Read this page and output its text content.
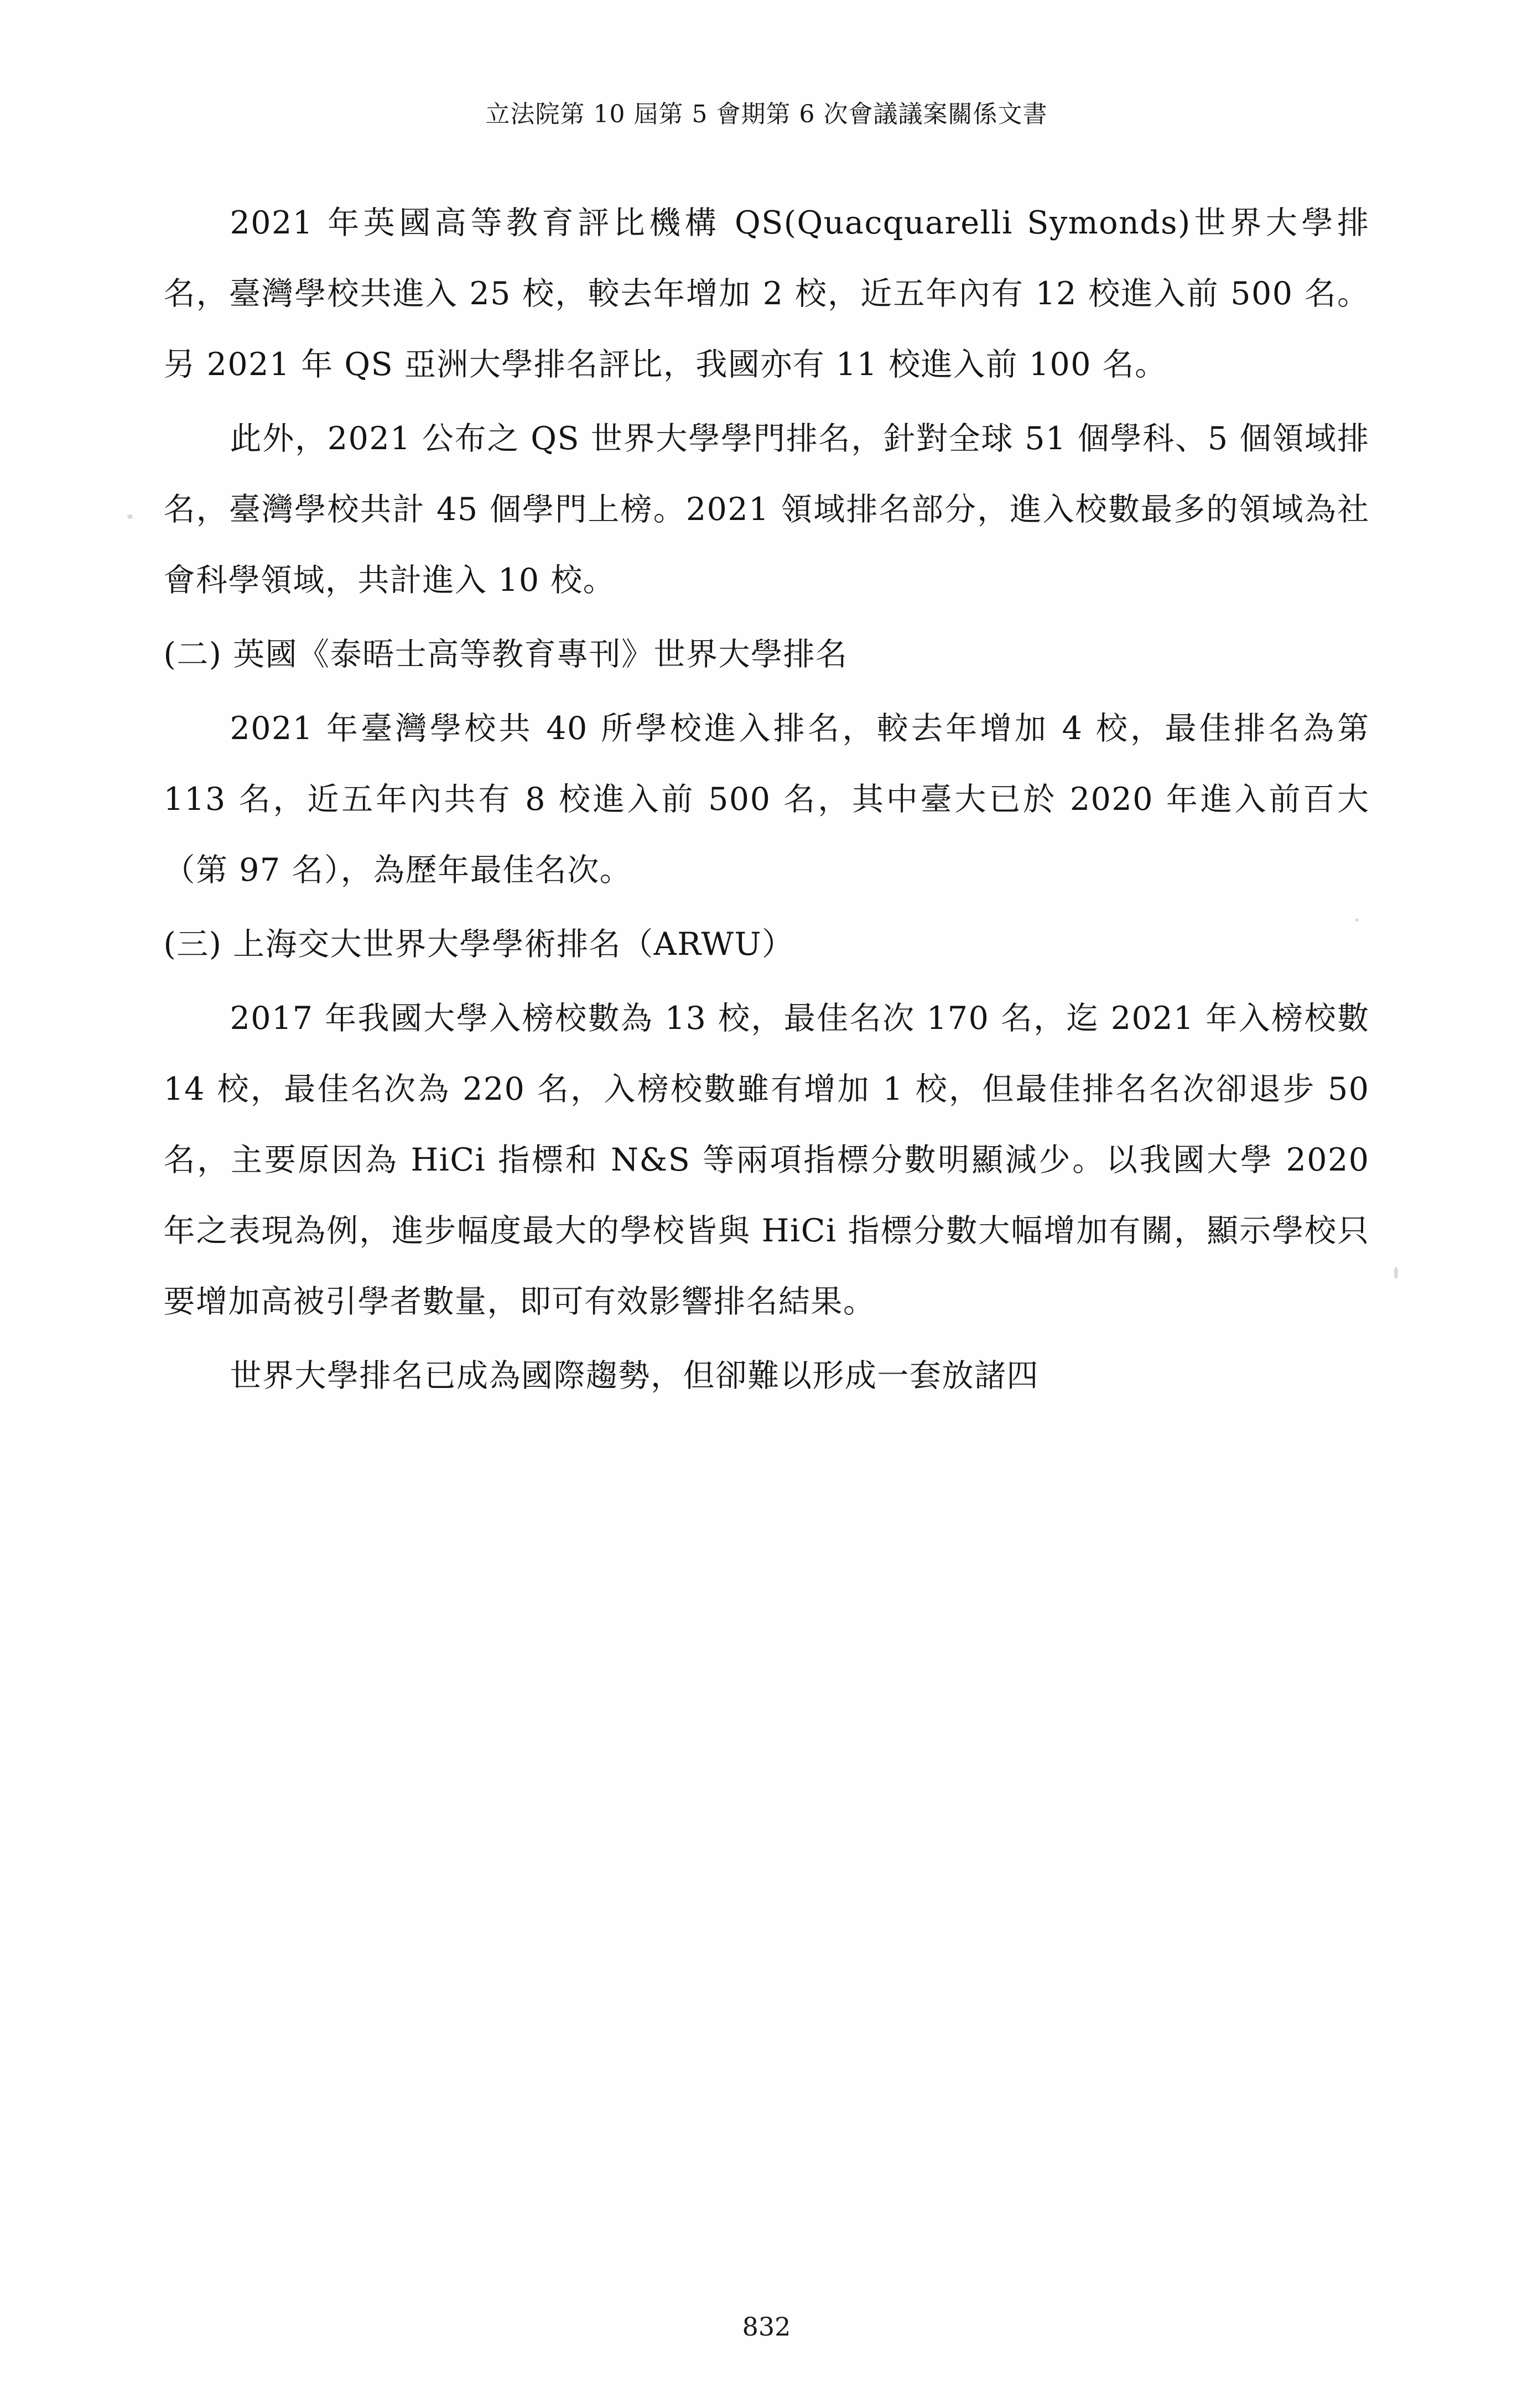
立法院第 10 屆第 5 會期第 6 次會議議案關係文書

2021 年英國高等教育評比機構 QS(Quacquarelli Symonds)世界大學排名，臺灣學校共進入 25 校，較去年增加 2 校，近五年內有 12 校進入前 500 名。另 2021 年 QS 亞洲大學排名評比，我國亦有 11 校進入前 100 名。

此外，2021 公布之 QS 世界大學學門排名，針對全球 51 個學科、5 個領域排名，臺灣學校共計 45 個學門上榜。2021 領域排名部分，進入校數最多的領域為社會科學領域，共計進入 10 校。

(二) 英國《泰晤士高等教育專刊》世界大學排名

2021 年臺灣學校共 40 所學校進入排名，較去年增加 4 校，最佳排名為第 113 名，近五年內共有 8 校進入前 500 名，其中臺大已於 2020 年進入前百大（第 97 名），為歷年最佳名次。

(三) 上海交大世界大學學術排名（ARWU）

2017 年我國大學入榜校數為 13 校，最佳名次 170 名，迄 2021 年入榜校數 14 校，最佳名次為 220 名，入榜校數雖有增加 1 校，但最佳排名名次卻退步 50 名，主要原因為 HiCi 指標和 N&S 等兩項指標分數明顯減少。以我國大學 2020 年之表現為例，進步幅度最大的學校皆與 HiCi 指標分數大幅增加有關，顯示學校只要增加高被引學者數量，即可有效影響排名結果。

世界大學排名已成為國際趨勢，但卻難以形成一套放諸四

832
